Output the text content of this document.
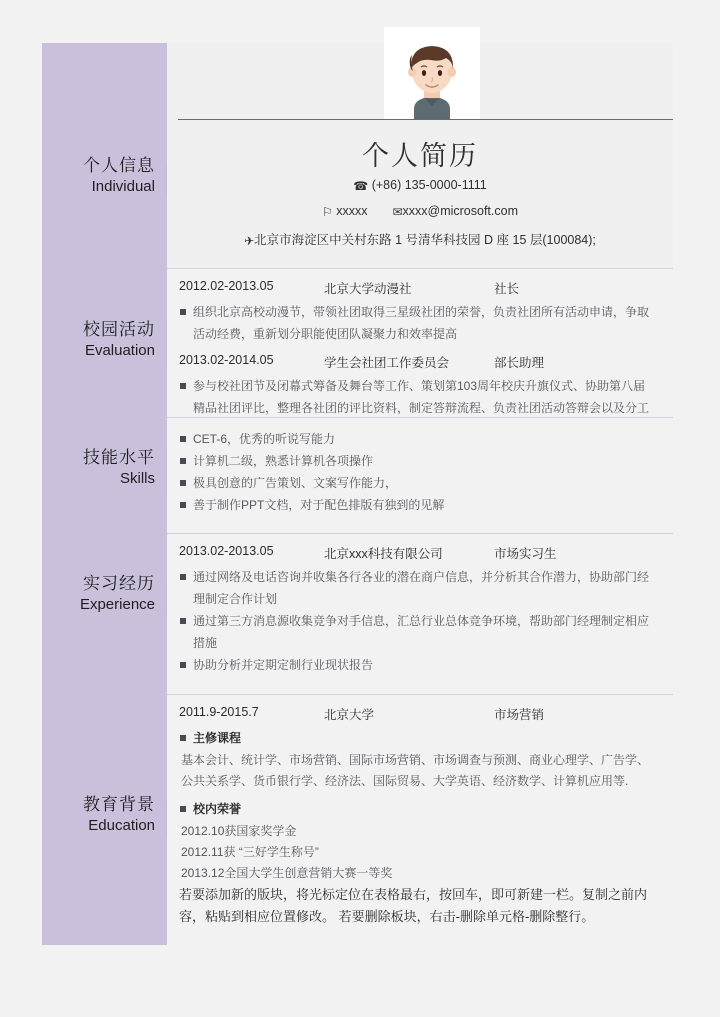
个人信息
Individual
校园活动
Evaluation
技能水平
Skills
实习经历
Experience
教育背景
Education
个人简历
☎ (+86) 135-0000-1111
⚐ xxxxx ✉xxxx@microsoft.com
✈北京市海淀区中关村东路 1 号清华科技园 D 座 15 层(100084);
2012.02-2013.05	北京大学动漫社	社长
组织北京高校动漫节，带领社团取得三星级社团的荣誉，负责社团所有活动申请，争取
活动经费，重新划分职能使团队凝聚力和效率提高
2013.02-2014.05	学生会社团工作委员会	部长助理
参与校社团节及闭幕式筹备及舞台等工作、策划第103周年校庆升旗仪式、协助第八届
精品社团评比，整理各社团的评比资料，制定答辩流程、负责社团活动答辩会以及分工
CET-6，优秀的听说写能力
计算机二级，熟悉计算机各项操作
极具创意的广告策划、文案写作能力，
善于制作PPT文档，对于配色排版有独到的见解
2013.02-2013.05	北京xxx科技有限公司	市场实习生
通过网络及电话咨询并收集各行各业的潜在商户信息，并分析其合作潜力，协助部门经
理制定合作计划
通过第三方消息源收集竞争对手信息，汇总行业总体竞争环境，帮助部门经理制定相应
措施
协助分析并定期定制行业现状报告
2011.9-2015.7	北京大学	市场营销
主修课程
基本会计、统计学、市场营销、国际市场营销、市场调查与预测、商业心理学、广告学、
公共关系学、货币银行学、经济法、国际贸易、大学英语、经济数学、计算机应用等.
校内荣誉
2012.10获国家奖学金
2012.11获 “三好学生称号”
2013.12全国大学生创意营销大赛一等奖
若要添加新的版块，将光标定位在表格最右，按回车，即可新建一栏。复制之前内
容，粘贴到相应位置修改。 若要删除板块，右击-删除单元格-删除整行。
